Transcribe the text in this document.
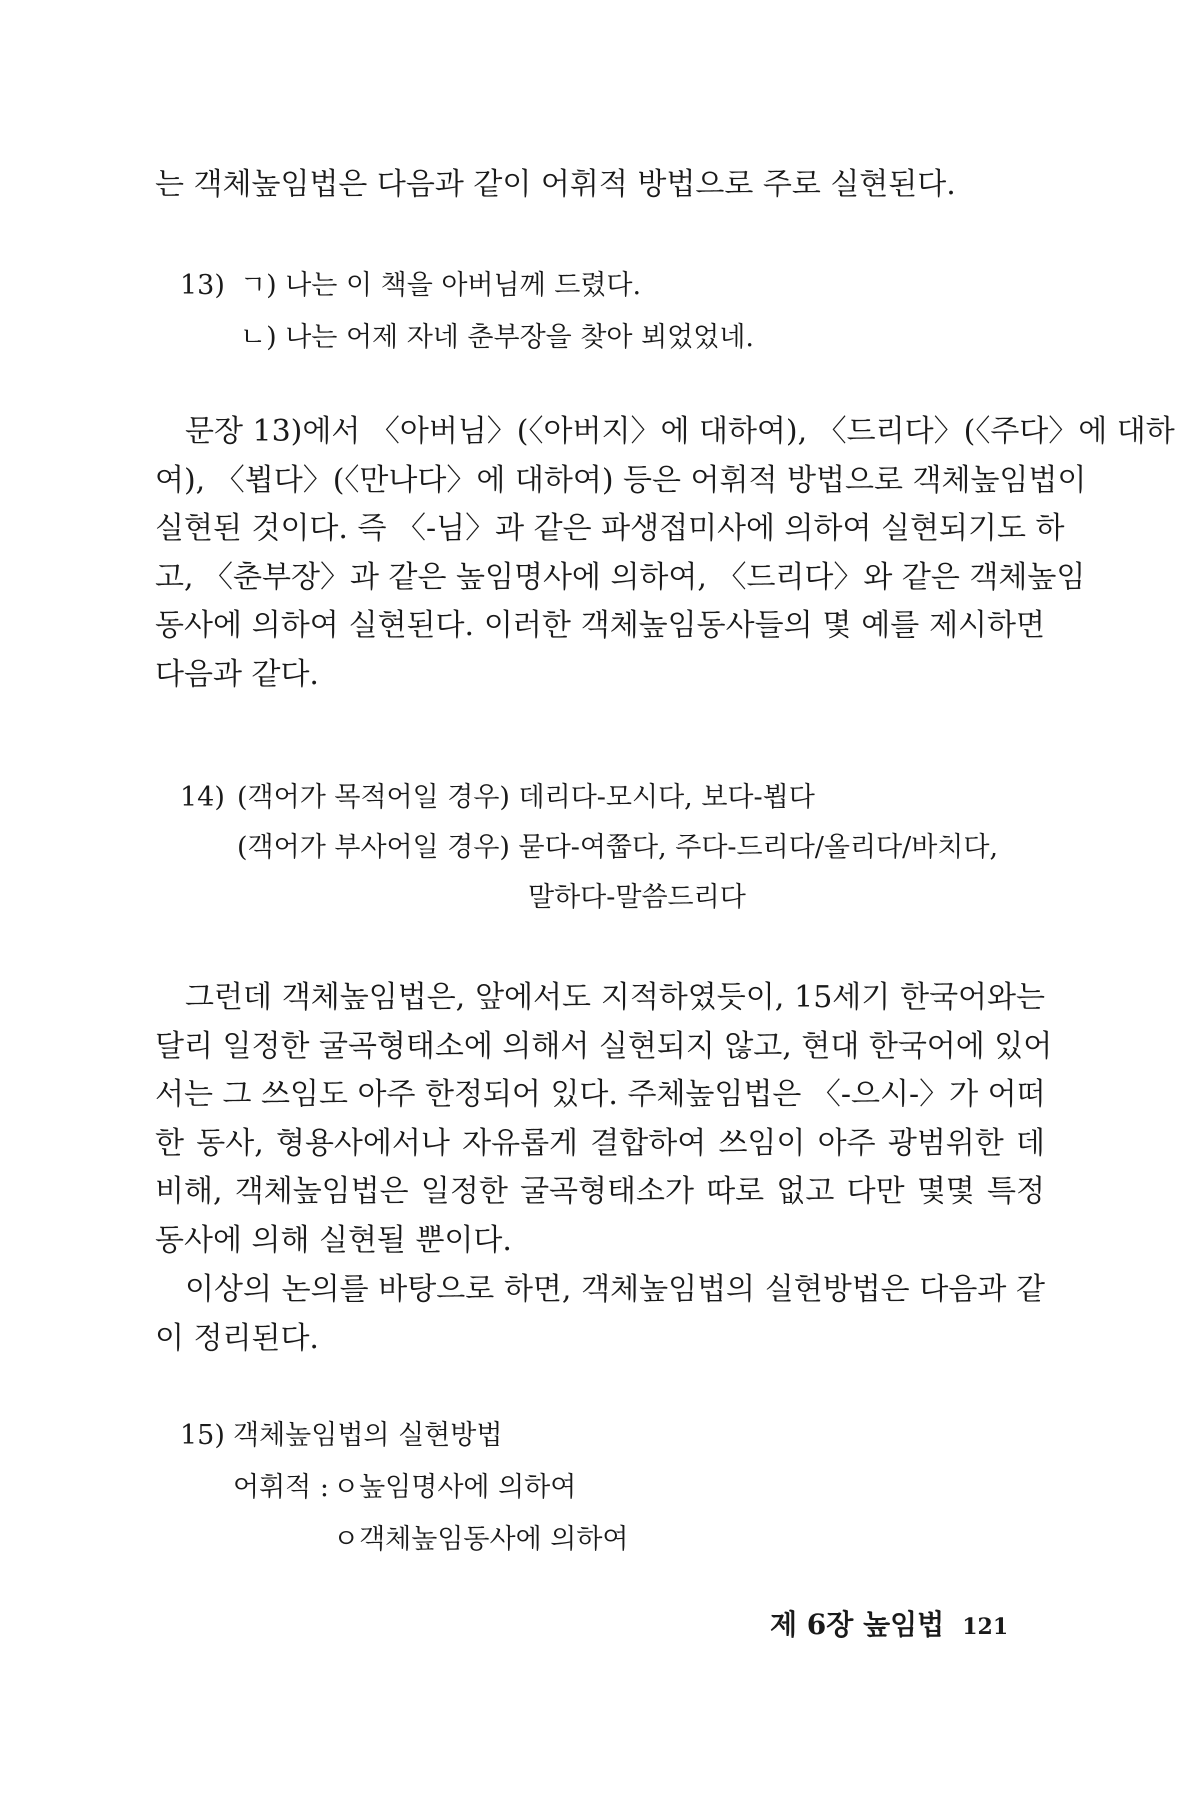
는 객체높임법은 다음과 같이 어휘적 방법으로 주로 실현된다.
13) ㄱ) 나는 이 책을 아버님께 드렸다.
ㄴ) 나는 어제 자네 춘부장을 찾아 뵈었었네.
문장 13)에서 〈아버님〉(〈아버지〉에 대하여), 〈드리다〉(〈주다〉에 대하
여), 〈뵙다〉(〈만나다〉에 대하여) 등은 어휘적 방법으로 객체높임법이
실현된 것이다. 즉 〈-님〉과 같은 파생접미사에 의하여 실현되기도 하
고, 〈춘부장〉과 같은 높임명사에 의하여, 〈드리다〉와 같은 객체높임
동사에 의하여 실현된다. 이러한 객체높임동사들의 몇 예를 제시하면
다음과 같다.
14) (객어가 목적어일 경우) 데리다-모시다, 보다-뵙다
(객어가 부사어일 경우) 묻다-여쭙다, 주다-드리다/올리다/바치다,
말하다-말씀드리다
그런데 객체높임법은, 앞에서도 지적하였듯이, 15세기 한국어와는
달리 일정한 굴곡형태소에 의해서 실현되지 않고, 현대 한국어에 있어
서는 그 쓰임도 아주 한정되어 있다. 주체높임법은 〈-으시-〉가 어떠
한 동사, 형용사에서나 자유롭게 결합하여 쓰임이 아주 광범위한 데
비해, 객체높임법은 일정한 굴곡형태소가 따로 없고 다만 몇몇 특정
동사에 의해 실현될 뿐이다.
이상의 논의를 바탕으로 하면, 객체높임법의 실현방법은 다음과 같
이 정리된다.
15) 객체높임법의 실현방법
어휘적 : ㅇ높임명사에 의하여
ㅇ객체높임동사에 의하여
제 6장 높임법 121
